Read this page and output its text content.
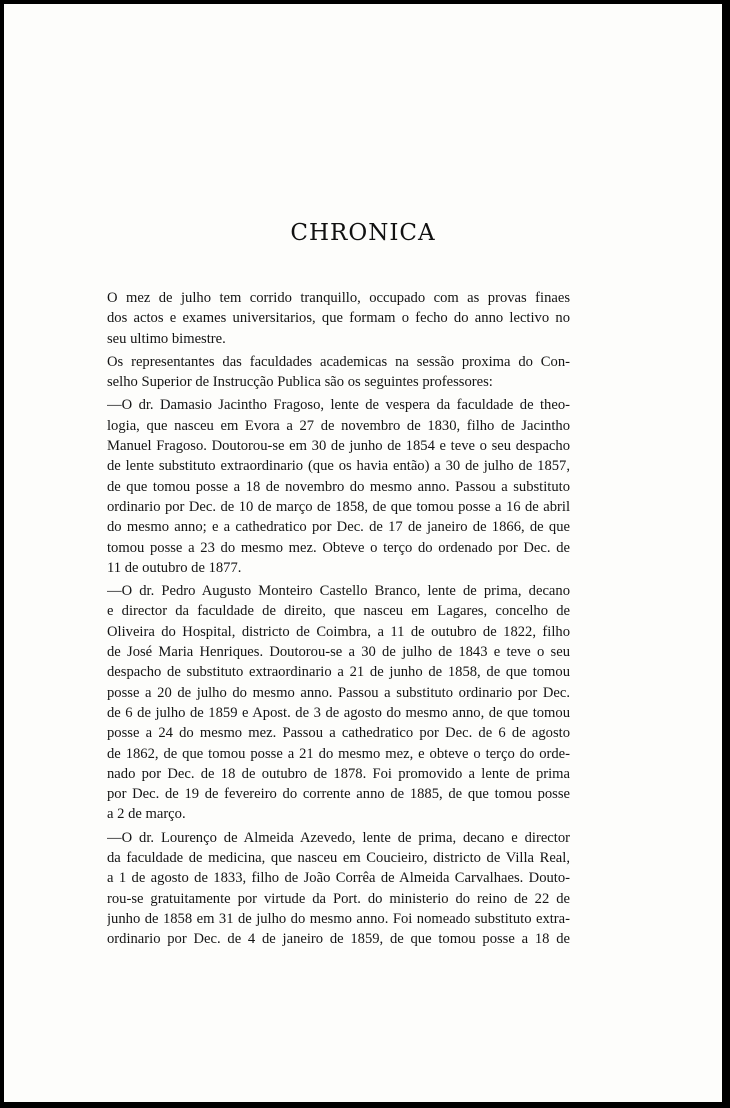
CHRONICA
O mez de julho tem corrido tranquillo, occupado com as provas finaes
dos actos e exames universitarios, que formam o fecho do anno lectivo no
seu ultimo bimestre.
Os representantes das faculdades academicas na sessão proxima do Con-
selho Superior de Instrucção Publica são os seguintes professores:
—O dr. Damasio Jacintho Fragoso, lente de vespera da faculdade de theo-
logia, que nasceu em Evora a 27 de novembro de 1830, filho de Jacintho
Manuel Fragoso. Doutorou-se em 30 de junho de 1854 e teve o seu despacho
de lente substituto extraordinario (que os havia então) a 30 de julho de 1857,
de que tomou posse a 18 de novembro do mesmo anno. Passou a substituto
ordinario por Dec. de 10 de março de 1858, de que tomou posse a 16 de abril
do mesmo anno; e a cathedratico por Dec. de 17 de janeiro de 1866, de que
tomou posse a 23 do mesmo mez. Obteve o terço do ordenado por Dec. de
11 de outubro de 1877.
—O dr. Pedro Augusto Monteiro Castello Branco, lente de prima, decano
e director da faculdade de direito, que nasceu em Lagares, concelho de
Oliveira do Hospital, districto de Coimbra, a 11 de outubro de 1822, filho
de José Maria Henriques. Doutorou-se a 30 de julho de 1843 e teve o seu
despacho de substituto extraordinario a 21 de junho de 1858, de que tomou
posse a 20 de julho do mesmo anno. Passou a substituto ordinario por Dec.
de 6 de julho de 1859 e Apost. de 3 de agosto do mesmo anno, de que tomou
posse a 24 do mesmo mez. Passou a cathedratico por Dec. de 6 de agosto
de 1862, de que tomou posse a 21 do mesmo mez, e obteve o terço do orde-
nado por Dec. de 18 de outubro de 1878. Foi promovido a lente de prima
por Dec. de 19 de fevereiro do corrente anno de 1885, de que tomou posse
a 2 de março.
—O dr. Lourenço de Almeida Azevedo, lente de prima, decano e director
da faculdade de medicina, que nasceu em Coucieiro, districto de Villa Real,
a 1 de agosto de 1833, filho de João Corrêa de Almeida Carvalhaes. Douto-
rou-se gratuitamente por virtude da Port. do ministerio do reino de 22 de
junho de 1858 em 31 de julho do mesmo anno. Foi nomeado substituto extra-
ordinario por Dec. de 4 de janeiro de 1859, de que tomou posse a 18 de
